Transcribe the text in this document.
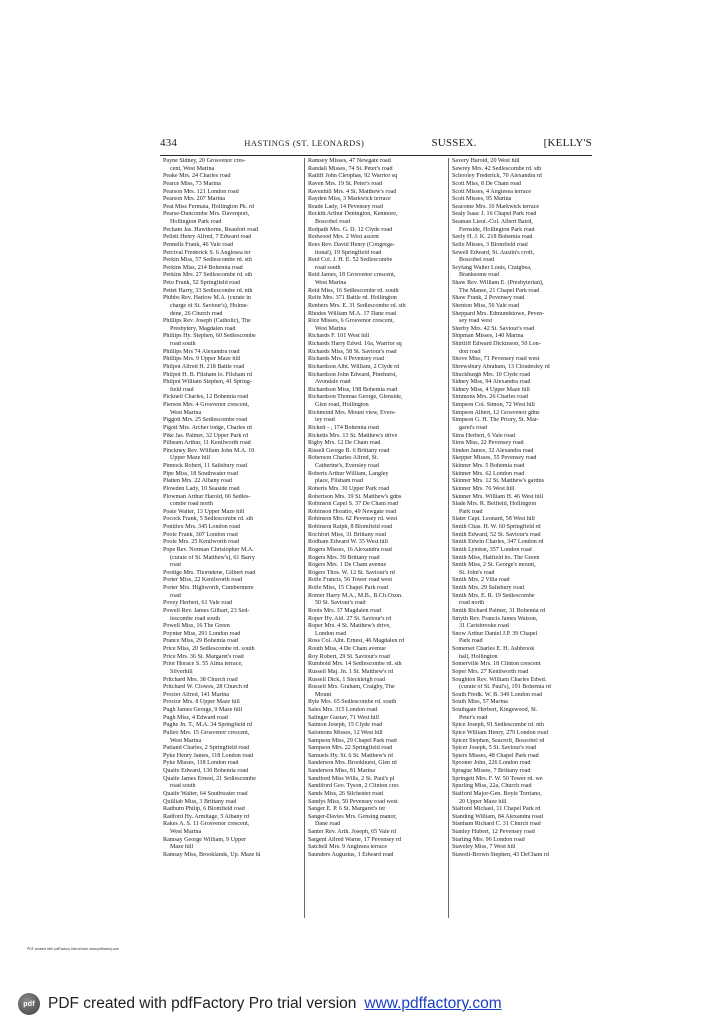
434	HASTINGS (ST. LEONARDS)	SUSSEX.	[KELLY'S
Payne Sidney, 20 Grosvenor cres-
cent, West Marina
Peake Mrs. 24 Charles road
Pearce Miss, 73 Marina
Pearson Mrs. 121 London road
Pearson Mrs. 207 Marina
Peat Miss Fermaia, Hollington Pk. rd
Pearse-Duncombe Mrs. Davenport,
Hollington Park road
Pecham Jas. Hawthorne, Beaufort road
Pellett Henry Alfred, 7 Edward road
Pennells Frank, 46 Vale road
Percival Frederick S. 6 Anglesea ter
Perkin Miss, 57 Sedlescombe rd. sth
Perkins Miss, 214 Bohemia road
Perkins Mrs. 27 Sedlescombe rd. sth
Peto Frank, 52 Springfield road
Pettet Harry, 33 Sedlescombe rd. nth
Phibbs Rev. Harlow M.A. (curate in
charge of St. Saviour's), Holme-
dene, 26 Church road
Phillips Rev. Joseph (Catholic), The
Presbytery, Magdalen road
Phillips Hy. Stephen, 60 Sedlescombe
road south
Phillips Mrs 74 Alexandra road
Phillips Mrs. 9 Upper Maze hill
Philpot Alfred H. 218 Battle road
Philpot H. B. Filsham lo. Filsham rd
Philpot William Stephen, 41 Spring-
field road
Picknell Charles, 12 Bohemia road
Pierson Mrs. 4 Grosvenor crescent,
West Marina
Piggott Mrs. 25 Sedlescombe road
Pigott Mrs. Archer lodge, Charles rd
Pike Jas. Palmer, 32 Upper Park rd
Pilbeam Arthur, 11 Kenilworth road
Pinckney Rev. William John M.A. 10
Upper Maze hill
Pinnock Robert, 11 Salisbury road
Pipe Miss, 18 Southwater road
Platten Mrs. 22 Albany road
Plowden Lady, 10 Seaside road
Plowman Arthur Harold, 66 Sedles-
combe road north
Poate Walter, 13 Upper Maze hill
Pocock Frank, 5 Sedlescombe rd. sth
Pontifex Mrs. 345 London road
Poole Frank, 307 London road
Poole Mrs. 25 Kenilworth road
Pope Rev. Norman Christopher M.A.
(curate of St. Matthew's), 61 Barry
road
Pordige Mrs. Thorndene, Gilbert road
Porter Miss, 22 Kenilworth road
Porter Mrs. Highworth, Cumbermere
road
Povey Herbert, 61 Vale road
Powell Rev. James Gilbart, 23 Sed-
lescombe road south
Powell Miss, 16 The Green
Poynter Miss, 291 London road
Prance Miss, 29 Bohemia road
Price Miss, 20 Sedlescombe rd. south
Price Mrs. 36 St. Margaret's road
Prior Horace S. 55 Alma terrace,
Silverhill
Pritchard Mrs. 38 Church road
Pritchard W. Clowes, 28 Church rd
Procter Alfred, 141 Marina
Proctor Mrs. 8 Upper Maze hill
Pugh James George, 9 Maze hill
Pugh Miss, 4 Edward road
Pughe Jn. T., M.A. 34 Springfield rd
Pulleo Mrs. 15 Grosvenor crescent,
West Marina
Putland Charles, 2 Springfield road
Pyke Henry James, 118 London road
Pyke Misses, 118 London road
Quaife Edward, 130 Bohemia road
Quaife James Ernest, 21 Sedlescombe
road south
Quaife Walter, 64 Southwater road
Quilliab Miss, 3 Brittany road
Radburn Philip, 6 Blomfield road
Radford Hy. Armitage, 5 Albany rd
Rakes A. S. 11 Grosvenor crescent,
West Marina
Ramsay George William, 9 Upper
Maze hill
Ramsay Miss, Brooklands, Up. Maze hl
Ramsey Misses, 47 Newgate road
Randall Misses, 74 St. Peter's road
Ratliff John Cleophas, 92 Warrior sq
Raven Mrs. 19 St. Peter's road
Ravenhill Mrs. 4 St. Matthew's road
Rayden Miss, 3 Markwick terrace
Reade Lady, 14 Pevensey road
Reckitt Arthur Denington, Kenmore,
Boscobel road
Redpath Mrs. G. D. 12 Clyde road
Redwood Mrs. 2 West ascent
Rees Rev. David Henry (Congrega-
tional), 19 Springfield road
Reid Col. J. H. E. 52 Sedlescombe
road south
Reid James, 18 Grosvenor crescent,
West Marina
Reid Miss, 16 Sedlescombe rd. south
Relfe Mrs. 371 Battle rd. Hollington
Renbers Mrs. E. 31 Sedlescombe rd. sth
Rhodes William M.A. 17 Dane road
Rice Misses, 6 Grosvenor crescent,
West Marina
Richards F. 101 West hill
Richards Harry Edwd. 16a, Warrior sq
Richards Miss, 58 St. Saviour's road
Richards Mrs. 6 Pevensey road
Richardson Albt. William, 2 Clyde rd
Richardson John Edward, Pinehurst,
Avondale road
Richardson Miss, 198 Bohemia road
Richardson Thomas George, Glenside,
Glen road, Hollington
Richmond Mrs. Mount view, Evers-
ley road
Rickett - , 174 Bohemia road
Ricketts Mrs. 13 St. Matthew's drive
Rigby Mrs. 12 De Cham road
Rissell George B. 6 Brittany road
Roberson Charles Alfred, St.
Catherine's, Eversley road
Roberts Arthur William, Langley
place, Filsham road
Roberts Mrs. 30 Upper Park road
Robertson Mrs. 19 St. Matthew's gdns
Robinson Capel S. 37 De Cham road
Robinson Horatio, 49 Newgate road
Robinson Mrs. 62 Pevensey rd. west
Robinson Ralph, 8 Blomfield road
Rochfort Miss, 31 Brittany road
Rodham Edward W. 35 West hill
Rogers Misses, 16 Alexandra road
Rogers Mrs. 39 Brittany road
Rogers Mrs. 1 De Cham avenue
Rogers Thos. W. 12 St. Saviour's rd
Rolfe Francis, 56 Tower road west
Rolfe Miss, 15 Chapel Park road
Romer Harry M.A., M.B., B.Ch.Oxon.
50 St. Saviour's road
Roots Mrs. 37 Magdalen road
Roper Hy. Ald. 27 St. Saviour's rd
Roper Mrs. 4 St. Matthew's drive,
London road
Ross Col. Albt. Ernest, 46 Magdalen rd
Routh Miss, 4 De Cham avenue
Roy Robert, 29 St. Saviour's road
Rumbold Mrs. 14 Sedlescombe rd. sth
Russell Maj. Jn. 1 St. Matthew's rd
Russell Dick, 1 Steckleigh road
Russell Mrs. Graham, Craigby, The
Mount
Ryle Mrs. 65 Sedlescombe rd. south
Sales Mrs. 315 London road
Salinger Gustav, 71 West hill
Salmon Joseph, 15 Clyde road
Salomons Misses, 12 West hill
Sampson Miss, 29 Chapel Park road
Sampson Mrs. 22 Springfield road
Samuels Hy. St. 6 St. Matthew's rd
Sanderson Mrs. Brookhurst, Glen rd
Sanderson Miss, 81 Marina
Sandford Miss Wills, 2 St. Paul's pl
Sandiford Geo. Tyson, 2 Clinton cres
Sands Miss, 26 Silchester road
Sandys Miss, 50 Pevensey road west
Sanger E. P. 6 St. Margaret's ter
Sanger-Davies Mrs. Gensing manor,
Dane road
Santer Rev. Arth. Joseph, 65 Vale rd
Sargent Alfred Warne, 17 Pevensey rd
Satchell Mrs. 9 Anglesea terrace
Saunders Augustus, 1 Edward road
Savery Harold, 20 West hill
Sawrey Mrs. 42 Sedlescombe rd. sth
Schooley Frederick, 70 Alexandra rd
Scott Miss, 8 De Cham road
Scott Misses, 4 Anglesea terrace
Scott Misses, 95 Marina
Seacome Mrs. 10 Markwick terrace
Sealy Isaac J. 16 Chapel Park road
Seaman Lieut.-Col. Albert Baird,
Fernside, Hollington Park road
Seely H. J. K. 218 Bohemia road
Selfe Misses, 3 Blomfield road
Sewell Edward, St. Austin's croft,
Boscobel road
Seyfang Walter Louis, Craigbea,
Branksome road
Shaw Rev. William E. (Presbyterian),
The Manse, 21 Chapel Park road
Shaw Frank, 2 Pevensey road
Shenton Miss, 56 Vale road
Sheppard Mrs. Edmundstowe, Peven-
sey road west
Sherby Mrs. 42 St. Saviour's road
Shipman Misses, 140 Marina
Shirtliff Edward Dickinson, 50 Lon-
don road
Shove Miss, 71 Pevensey road west
Shrewsbury Abraham, 13 Cloudesley rd
Shuckburgh Mrs. 10 Clyde road
Sidney Miss, 94 Alexandra road
Sidney Miss, 4 Upper Maze hill
Simmons Mrs. 26 Charles road
Simpson Col. Simon, 72 West hill
Simpson Albert, 12 Grosvenor gdns
Simpson G. H. The Priory, St. Mar-
garet's road
Sims Herbert, 6 Vale road
Sims Miss, 22 Pevensey road
Sinden James, 32 Alexandra road
Skepper Misses, 55 Pevensey road
Skinner Mrs. 5 Bohemia road
Skinner Mrs. 62 London road
Skinner Mrs. 12 St. Matthew's gardns
Skinner Mrs. 76 West hill
Skinner Mrs. William H. 46 West hill
Slade Mrs. R. Belfield, Hollington
Park road
Slater Capt. Leonard, 58 West hill
Smith Chas. H. W. 60 Springfield rd
Smith Edward, 52 St. Saviour's road
Smith Edwin Charles, 347 London rd
Smith Lyndon, 357 London road
Smith Miss, Hatfield ho. The Green
Smith Miss, 2 St. George's mount,
St. John's road
Smith Mrs. 2 Villa road
Smith Mrs. 29 Salisbury road
Smith Mrs. E. R. 19 Sedlescombe
road north
Smith Richard Palmer, 31 Bohemia rd
Smyth Rev. Francis James Watson,
31 Carisbrooke road
Snow Arthur Daniel J.P. 39 Chapel
Park road
Somerset Charles E. H. Ashbrook
hall, Hollington
Somerville Mrs. 18 Clinton crescent
Soper Mrs. 27 Kenilworth road
Soughton Rev. William Charles Edwd.
(curate of St. Paul's), 191 Bohemia rd
South Fredk. W. B. 349 London road
South Miss, 57 Marina
Southgate Herbert, Kingswood, St.
Peter's road
Spice Joseph, 91 Sedlescombe rd. nth
Spice William Henry, 279 London road
Spicer Stephen, Seacroft, Boscobel rd
Spicer Joseph, 5 St. Saviour's road
Spiers Misses, 48 Chapel Park road
Spooner John, 226 London road
Sprague Misses, 7 Brittany road
Springett Mrs. F. W. 50 Tower rd. we
Spurling Miss, 22a, Church road
Stafford Major-Gen. Boyle Torriano,
20 Upper Maze hill
Stafford Michael, 11 Chapel Park rd
Standing William, 84 Alexandra road
Stanham Richard C. 31 Church road
Stanley Hubert, 12 Pevensey road
Starling Mrs. 96 London road
Staveley Miss, 7 West hill
Stawell-Brown Stephen, 43 DeCham rd
PDF created with pdfFactory trial version www.pdffactory.com
pdf PDF created with pdfFactory Pro trial version www.pdffactory.com
